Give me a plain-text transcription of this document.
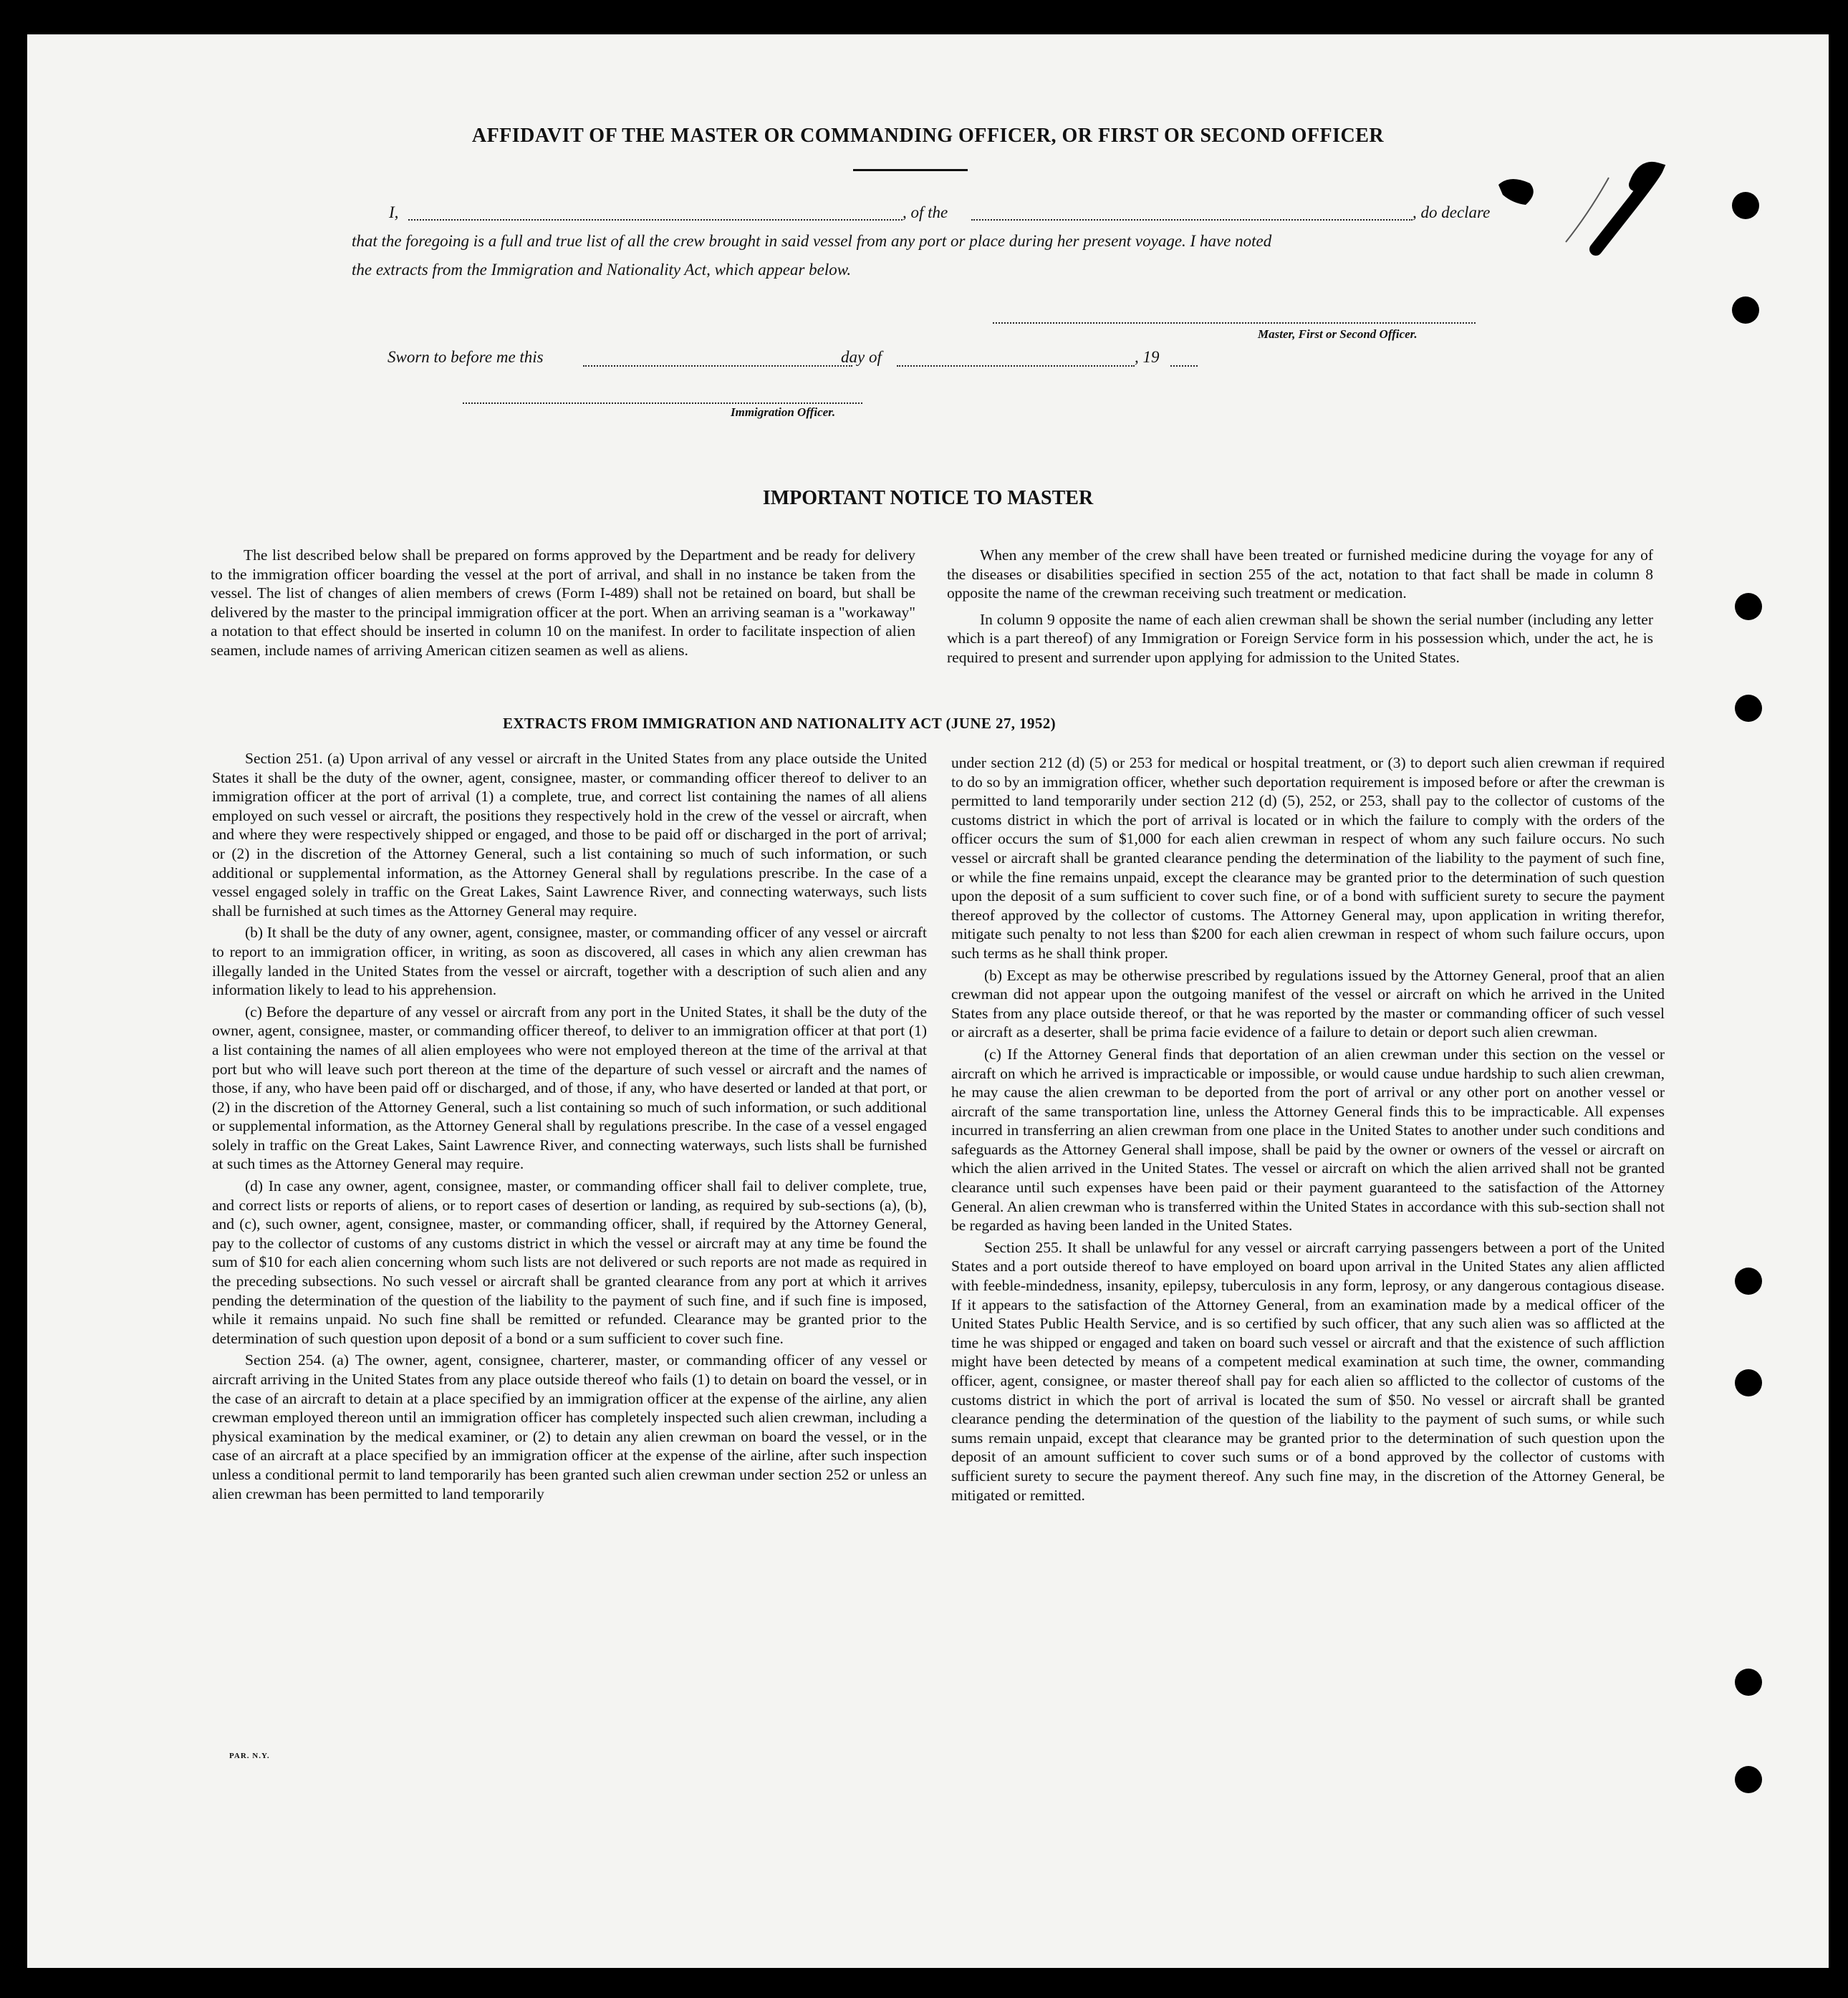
AFFIDAVIT OF THE MASTER OR COMMANDING OFFICER, OR FIRST OR SECOND OFFICER
I,	, of the	, do declare
that the foregoing is a full and true list of all the crew brought in said vessel from any port or place during her present voyage. I have noted
the extracts from the Immigration and Nationality Act, which appear below.
Master, First or Second Officer.
Sworn to before me this	day of	, 19
Immigration Officer.
IMPORTANT NOTICE TO MASTER

The list described below shall be prepared on forms approved by the Department and be ready for delivery to the immigration officer boarding the vessel at the port of arrival, and shall in no instance be taken from the vessel. The list of changes of alien members of crews (Form I-489) shall not be retained on board, but shall be delivered by the master to the principal immigration officer at the port. When an arriving seaman is a "workaway" a notation to that effect should be inserted in column 10 on the manifest. In order to facilitate inspection of alien seamen, include names of arriving American citizen seamen as well as aliens.

When any member of the crew shall have been treated or furnished medicine during the voyage for any of the diseases or disabilities specified in section 255 of the act, notation to that fact shall be made in column 8 opposite the name of the crewman receiving such treatment or medication.

In column 9 opposite the name of each alien crewman shall be shown the serial number (including any letter which is a part thereof) of any Immigration or Foreign Service form in his possession which, under the act, he is required to present and surrender upon applying for admission to the United States.

EXTRACTS FROM IMMIGRATION AND NATIONALITY ACT (JUNE 27, 1952)

Section 251. (a) Upon arrival of any vessel or aircraft in the United States from any place outside the United States it shall be the duty of the owner, agent, consignee, master, or commanding officer thereof to deliver to an immigration officer at the port of arrival (1) a complete, true, and correct list containing the names of all aliens employed on such vessel or aircraft, the positions they respectively hold in the crew of the vessel or aircraft, when and where they were respectively shipped or engaged, and those to be paid off or discharged in the port of arrival; or (2) in the discretion of the Attorney General, such a list containing so much of such information, or such additional or supplemental information, as the Attorney General shall by regulations prescribe. In the case of a vessel engaged solely in traffic on the Great Lakes, Saint Lawrence River, and connecting waterways, such lists shall be furnished at such times as the Attorney General may require.

(b) It shall be the duty of any owner, agent, consignee, master, or commanding officer of any vessel or aircraft to report to an immigration officer, in writing, as soon as discovered, all cases in which any alien crewman has illegally landed in the United States from the vessel or aircraft, together with a description of such alien and any information likely to lead to his apprehension.

(c) Before the departure of any vessel or aircraft from any port in the United States, it shall be the duty of the owner, agent, consignee, master, or commanding officer thereof, to deliver to an immigration officer at that port (1) a list containing the names of all alien employees who were not employed thereon at the time of the arrival at that port but who will leave such port thereon at the time of the departure of such vessel or aircraft and the names of those, if any, who have been paid off or discharged, and of those, if any, who have deserted or landed at that port, or (2) in the discretion of the Attorney General, such a list containing so much of such information, or such additional or supplemental information, as the Attorney General shall by regulations prescribe. In the case of a vessel engaged solely in traffic on the Great Lakes, Saint Lawrence River, and connecting waterways, such lists shall be furnished at such times as the Attorney General may require.

(d) In case any owner, agent, consignee, master, or commanding officer shall fail to deliver complete, true, and correct lists or reports of aliens, or to report cases of desertion or landing, as required by sub-sections (a), (b), and (c), such owner, agent, consignee, master, or commanding officer, shall, if required by the Attorney General, pay to the collector of customs of any customs district in which the vessel or aircraft may at any time be found the sum of $10 for each alien concerning whom such lists are not delivered or such reports are not made as required in the preceding subsections. No such vessel or aircraft shall be granted clearance from any port at which it arrives pending the determination of the question of the liability to the payment of such fine, and if such fine is imposed, while it remains unpaid. No such fine shall be remitted or refunded. Clearance may be granted prior to the determination of such question upon deposit of a bond or a sum sufficient to cover such fine.

Section 254. (a) The owner, agent, consignee, charterer, master, or commanding officer of any vessel or aircraft arriving in the United States from any place outside thereof who fails (1) to detain on board the vessel, or in the case of an aircraft to detain at a place specified by an immigration officer at the expense of the airline, any alien crewman employed thereon until an immigration officer has completely inspected such alien crewman, including a physical examination by the medical examiner, or (2) to detain any alien crewman on board the vessel, or in the case of an aircraft at a place specified by an immigration officer at the expense of the airline, after such inspection unless a conditional permit to land temporarily has been granted such alien crewman under section 252 or unless an alien crewman has been permitted to land temporarily

under section 212 (d) (5) or 253 for medical or hospital treatment, or (3) to deport such alien crewman if required to do so by an immigration officer, whether such deportation requirement is imposed before or after the crewman is permitted to land temporarily under section 212 (d) (5), 252, or 253, shall pay to the collector of customs of the customs district in which the port of arrival is located or in which the failure to comply with the orders of the officer occurs the sum of $1,000 for each alien crewman in respect of whom any such failure occurs. No such vessel or aircraft shall be granted clearance pending the determination of the liability to the payment of such fine, or while the fine remains unpaid, except the clearance may be granted prior to the determination of such question upon the deposit of a sum sufficient to cover such fine, or of a bond with sufficient surety to secure the payment thereof approved by the collector of customs. The Attorney General may, upon application in writing therefor, mitigate such penalty to not less than $200 for each alien crewman in respect of whom such failure occurs, upon such terms as he shall think proper.

(b) Except as may be otherwise prescribed by regulations issued by the Attorney General, proof that an alien crewman did not appear upon the outgoing manifest of the vessel or aircraft on which he arrived in the United States from any place outside thereof, or that he was reported by the master or commanding officer of such vessel or aircraft as a deserter, shall be prima facie evidence of a failure to detain or deport such alien crewman.

(c) If the Attorney General finds that deportation of an alien crewman under this section on the vessel or aircraft on which he arrived is impracticable or impossible, or would cause undue hardship to such alien crewman, he may cause the alien crewman to be deported from the port of arrival or any other port on another vessel or aircraft of the same transportation line, unless the Attorney General finds this to be impracticable. All expenses incurred in transferring an alien crewman from one place in the United States to another under such conditions and safeguards as the Attorney General shall impose, shall be paid by the owner or owners of the vessel or aircraft on which the alien arrived in the United States. The vessel or aircraft on which the alien arrived shall not be granted clearance until such expenses have been paid or their payment guaranteed to the satisfaction of the Attorney General. An alien crewman who is transferred within the United States in accordance with this sub-section shall not be regarded as having been landed in the United States.

Section 255. It shall be unlawful for any vessel or aircraft carrying passengers between a port of the United States and a port outside thereof to have employed on board upon arrival in the United States any alien afflicted with feeble-mindedness, insanity, epilepsy, tuberculosis in any form, leprosy, or any dangerous contagious disease. If it appears to the satisfaction of the Attorney General, from an examination made by a medical officer of the United States Public Health Service, and is so certified by such officer, that any such alien was so afflicted at the time he was shipped or engaged and taken on board such vessel or aircraft and that the existence of such affliction might have been detected by means of a competent medical examination at such time, the owner, commanding officer, agent, consignee, or master thereof shall pay for each alien so afflicted to the collector of customs of the customs district in which the port of arrival is located the sum of $50. No vessel or aircraft shall be granted clearance pending the determination of the question of the liability to the payment of such sums, or while such sums remain unpaid, except that clearance may be granted prior to the determination of such question upon the deposit of an amount sufficient to cover such sums or of a bond approved by the collector of customs with sufficient surety to secure the payment thereof. Any such fine may, in the discretion of the Attorney General, be mitigated or remitted.

PAR. N.Y.
